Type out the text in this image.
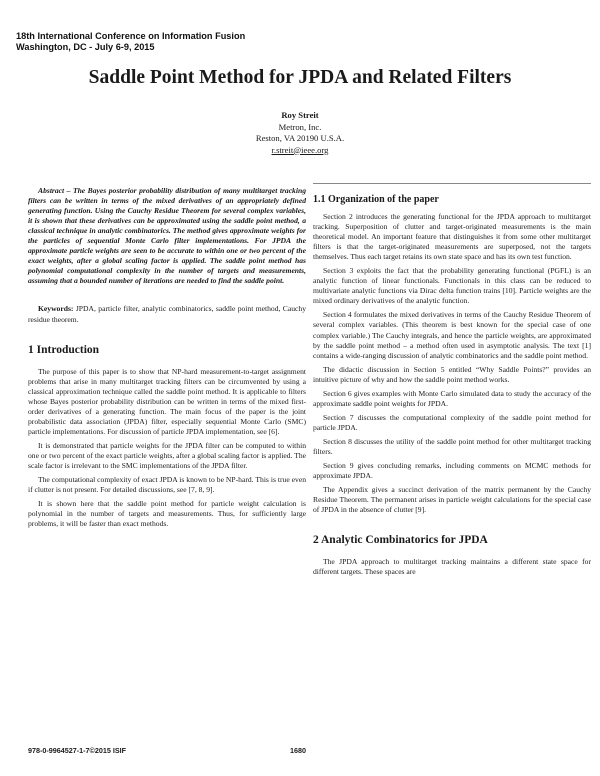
18th International Conference on Information Fusion
Washington, DC - July 6-9, 2015
Saddle Point Method for JPDA and Related Filters
Roy Streit
Metron, Inc.
Reston, VA 20190 U.S.A.
r.streit@ieee.org

Abstract – The Bayes posterior probability distribution of many multitarget tracking filters can be written in terms of the mixed derivatives of an appropriately defined generating function. Using the Cauchy Residue Theorem for several complex variables, it is shown that these derivatives can be approximated using the saddle point method, a classical technique in analytic combinatorics. The method gives approximate weights for the particles of sequential Monte Carlo filter implementations. For JPDA the approximate particle weights are seen to be accurate to within one or two percent of the exact weights, after a global scaling factor is applied. The saddle point method has polynomial computational complexity in the number of targets and measurements, assuming that a bounded number of iterations are needed to find the saddle point.

Keywords: JPDA, particle filter, analytic combinatorics, saddle point method, Cauchy residue theorem.

1 Introduction

The purpose of this paper is to show that NP-hard measurement-to-target assignment problems that arise in many multitarget tracking filters can be circumvented by using a classical approximation technique called the saddle point method. It is applicable to filters whose Bayes posterior probability distribution can be written in terms of the mixed first-order derivatives of a generating function. The main focus of the paper is the joint probabilistic data association (JPDA) filter, especially sequential Monte Carlo (SMC) particle implementations. For discussion of particle JPDA implementation, see [6].

It is demonstrated that particle weights for the JPDA filter can be computed to within one or two percent of the exact particle weights, after a global scaling factor is applied. The scale factor is irrelevant to the SMC implementations of the JPDA filter.

The computational complexity of exact JPDA is known to be NP-hard. This is true even if clutter is not present. For detailed discussions, see [7, 8, 9].

It is shown here that the saddle point method for particle weight calculation is polynomial in the number of targets and measurements. Thus, for sufficiently large problems, it will be faster than exact methods.

1.1 Organization of the paper

Section 2 introduces the generating functional for the JPDA approach to multitarget tracking. Superposition of clutter and target-originated measurements is the main theoretical model. An important feature that distinguishes it from some other multitarget filters is that the target-originated measurements are superposed, not the targets themselves. Thus each target retains its own state space and has its own test function.

Section 3 exploits the fact that the probability generating functional (PGFL) is an analytic function of linear functionals. Functionals in this class can be reduced to multivariate analytic functions via Dirac delta function trains [10]. Particle weights are the mixed ordinary derivatives of the analytic function.

Section 4 formulates the mixed derivatives in terms of the Cauchy Residue Theorem of several complex variables. (This theorem is best known for the special case of one complex variable.) The Cauchy integrals, and hence the particle weights, are approximated by the saddle point method – a method often used in asymptotic analysis. The text [1] contains a wide-ranging discussion of analytic combinatorics and the saddle point method.

The didactic discussion in Section 5 entitled “Why Saddle Points?” provides an intuitive picture of why and how the saddle point method works.

Section 6 gives examples with Monte Carlo simulated data to study the accuracy of the approximate saddle point weights for JPDA.

Section 7 discusses the computational complexity of the saddle point method for particle JPDA.

Section 8 discusses the utility of the saddle point method for other multitarget tracking filters.

Section 9 gives concluding remarks, including comments on MCMC methods for approximate JPDA.

The Appendix gives a succinct derivation of the matrix permanent by the Cauchy Residue Theorem. The permanent arises in particle weight calculations for the special case of JPDA in the absence of clutter [9].

2 Analytic Combinatorics for JPDA

The JPDA approach to multitarget tracking maintains a different state space for different targets. These spaces are

978-0-9964527-1-7©2015 ISIF	1680
